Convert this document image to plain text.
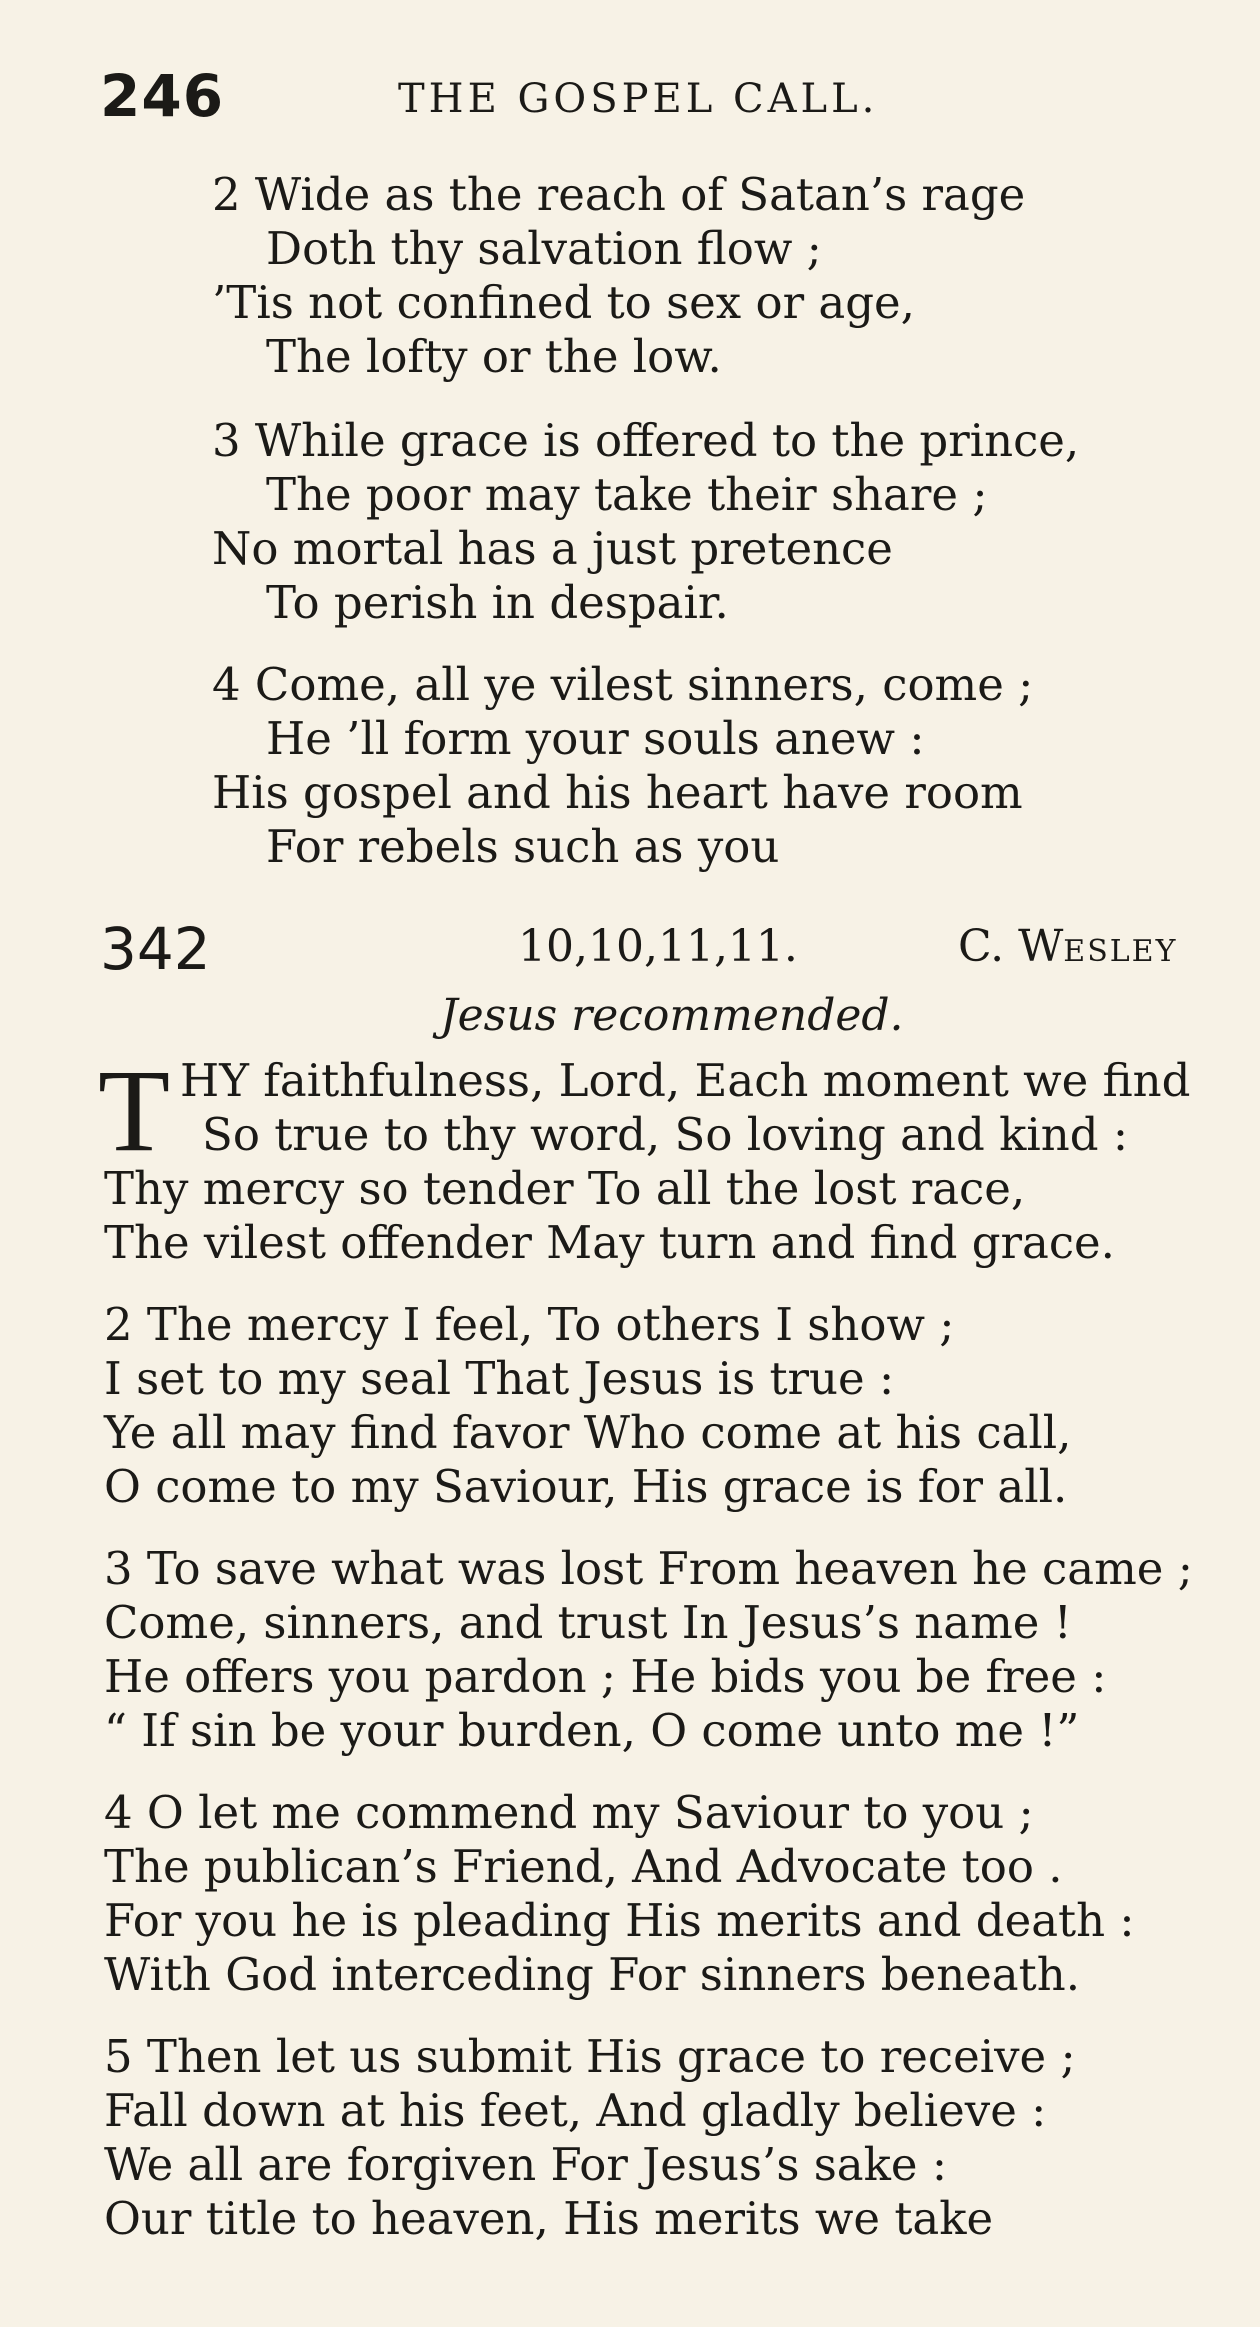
246	THE GOSPEL CALL.
2 Wide as the reach of Satan’s rage
Doth thy salvation flow ;
’Tis not confined to sex or age,
The lofty or the low.
3 While grace is offered to the prince,
The poor may take their share ;
No mortal has a just pretence
To perish in despair.
4 Come, all ye vilest sinners, come ;
He ’ll form your souls anew :
His gospel and his heart have room
For rebels such as you
342	10,10,11,11.	C. WESLEY
Jesus recommended.
T HY faithfulness, Lord, Each moment we find
So true to thy word, So loving and kind :
Thy mercy so tender To all the lost race,
The vilest offender May turn and find grace.
2 The mercy I feel, To others I show ;
I set to my seal That Jesus is true :
Ye all may find favor Who come at his call,
O come to my Saviour, His grace is for all.
3 To save what was lost From heaven he came ;
Come, sinners, and trust In Jesus’s name !
He offers you pardon ; He bids you be free :
“ If sin be your burden, O come unto me !”
4 O let me commend my Saviour to you ;
The publican’s Friend, And Advocate too .
For you he is pleading His merits and death :
With God interceding For sinners beneath.
5 Then let us submit His grace to receive ;
Fall down at his feet, And gladly believe :
We all are forgiven For Jesus’s sake :
Our title to heaven, His merits we take
